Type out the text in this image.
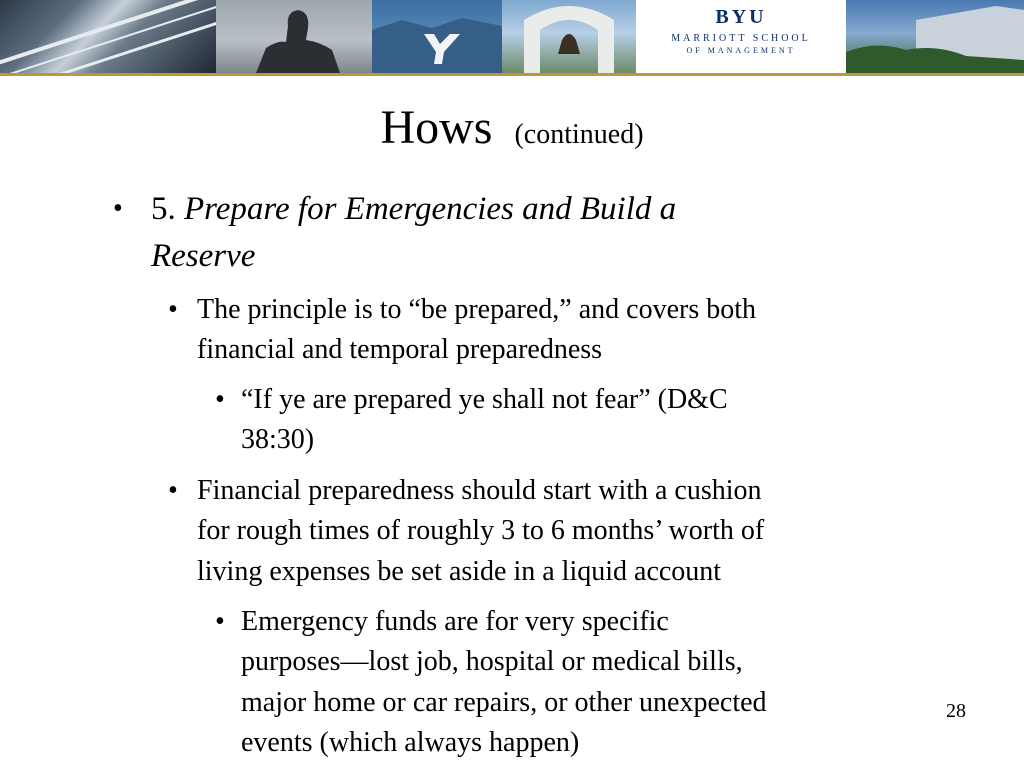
BYU
MARRIOTT SCHOOL
OF MANAGEMENT
Hows (continued)
• 5. Prepare for Emergencies and Build a
Reserve
• The principle is to “be prepared,” and covers both
financial and temporal preparedness
• “If ye are prepared ye shall not fear” (D&C
38:30)
• Financial preparedness should start with a cushion
for rough times of roughly 3 to 6 months’ worth of
living expenses be set aside in a liquid account
• Emergency funds are for very specific
purposes—lost job, hospital or medical bills,
major home or car repairs, or other unexpected
events (which always happen)
28
